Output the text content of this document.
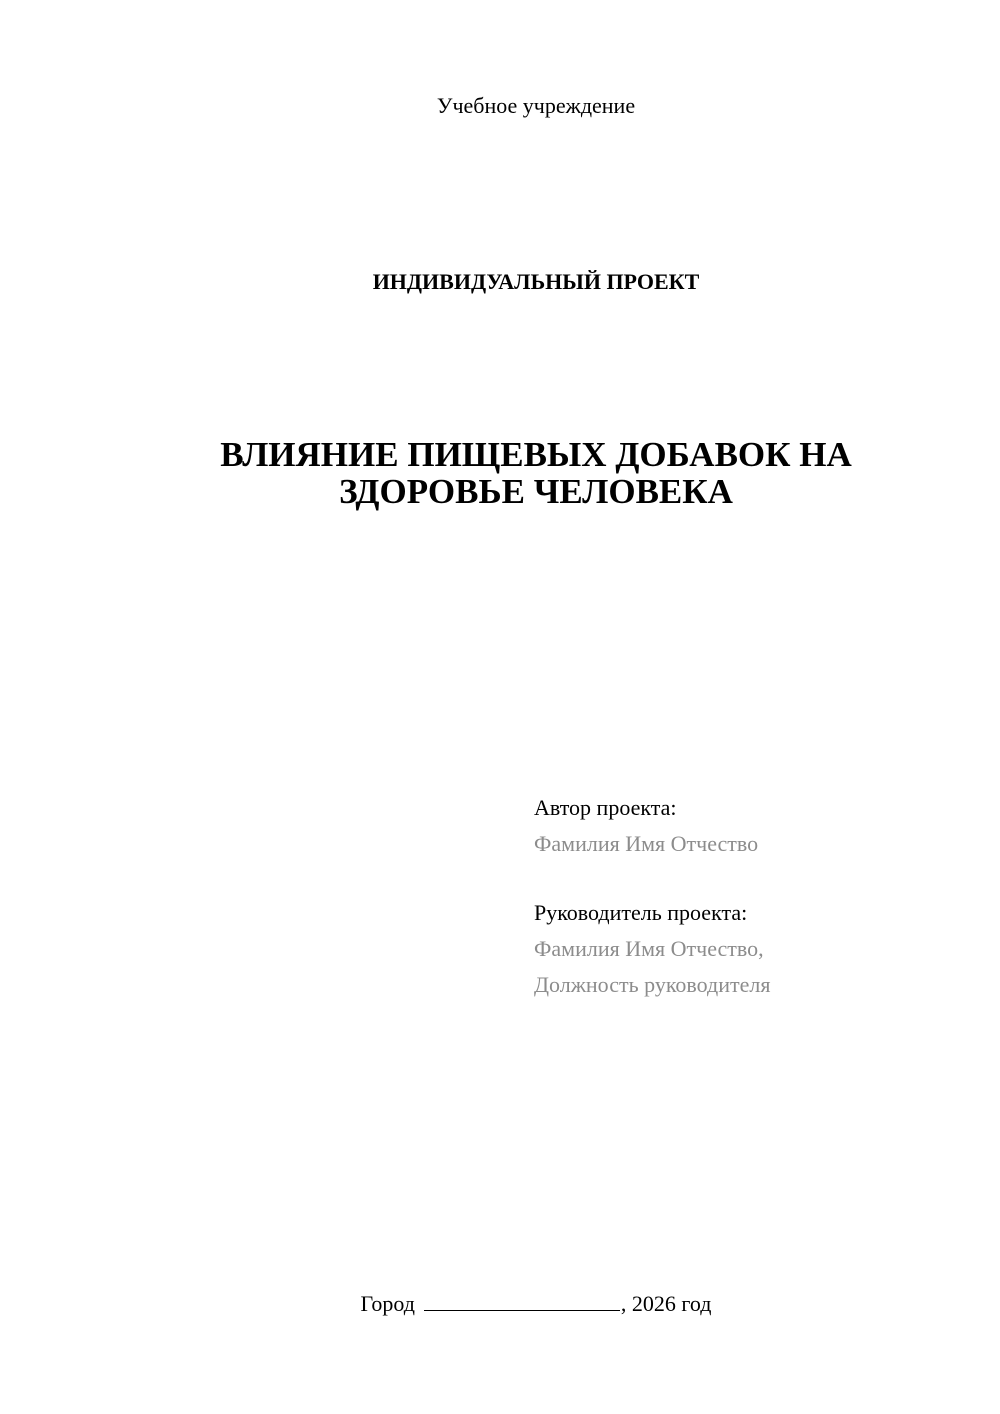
Учебное учреждение
ИНДИВИДУАЛЬНЫЙ ПРОЕКТ
ВЛИЯНИЕ ПИЩЕВЫХ ДОБАВОК НА
ЗДОРОВЬЕ ЧЕЛОВЕКА
Автор проекта:
Фамилия Имя Отчество
Руководитель проекта:
Фамилия Имя Отчество,
Должность руководителя
Город	, 2026 год
